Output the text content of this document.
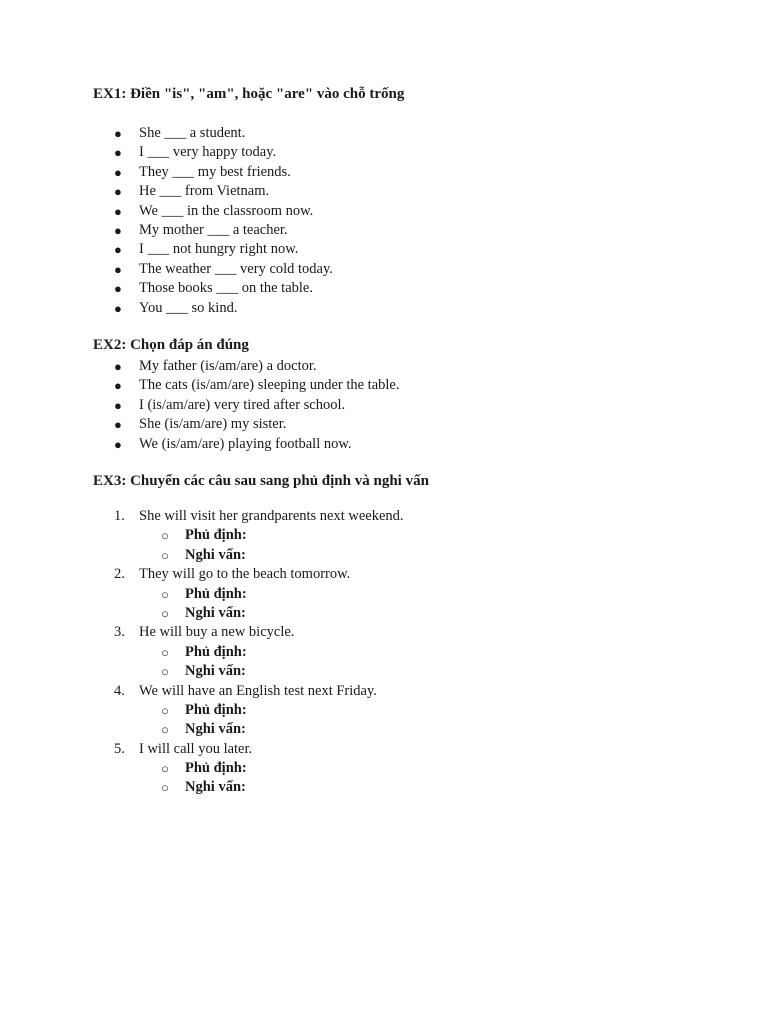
EX1: Điền "is", "am", hoặc "are" vào chỗ trống
● She ___ a student.
● I ___ very happy today.
● They ___ my best friends.
● He ___ from Vietnam.
● We ___ in the classroom now.
● My mother ___ a teacher.
● I ___ not hungry right now.
● The weather ___ very cold today.
● Those books ___ on the table.
● You ___ so kind.
EX2: Chọn đáp án đúng
● My father (is/am/are) a doctor.
● The cats (is/am/are) sleeping under the table.
● I (is/am/are) very tired after school.
● She (is/am/are) my sister.
● We (is/am/are) playing football now.
EX3: Chuyển các câu sau sang phủ định và nghi vấn
1. She will visit her grandparents next weekend.
○ Phủ định:
○ Nghi vấn:
2. They will go to the beach tomorrow.
○ Phủ định:
○ Nghi vấn:
3. He will buy a new bicycle.
○ Phủ định:
○ Nghi vấn:
4. We will have an English test next Friday.
○ Phủ định:
○ Nghi vấn:
5. I will call you later.
○ Phủ định:
○ Nghi vấn:
